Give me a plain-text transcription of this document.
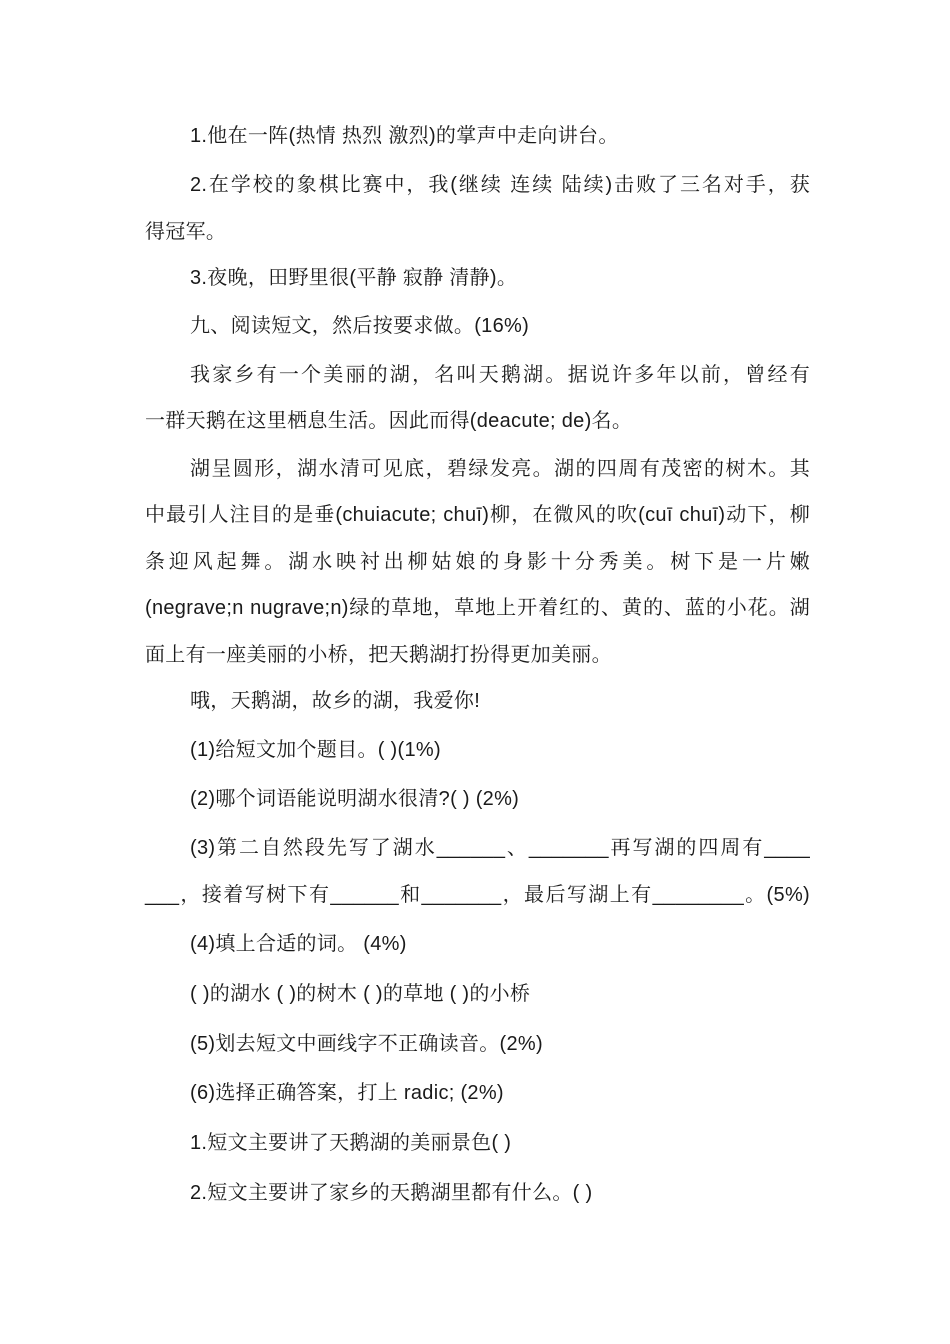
1.他在一阵(热情 热烈 激烈)的掌声中走向讲台。
2.在学校的象棋比赛中，我(继续 连续 陆续)击败了三名对手，获
得冠军。
3.夜晚，田野里很(平静 寂静 清静)。
九、阅读短文，然后按要求做。(16%)
我家乡有一个美丽的湖，名叫天鹅湖。据说许多年以前，曾经有
一群天鹅在这里栖息生活。因此而得(deacute; de)名。
湖呈圆形，湖水清可见底，碧绿发亮。湖的四周有茂密的树木。其
中最引人注目的是垂(chuiacute; chuī)柳，在微风的吹(cuī chuī)动下，柳
条迎风起舞。湖水映衬出柳姑娘的身影十分秀美。树下是一片嫩
(negrave;n nugrave;n)绿的草地，草地上开着红的、黄的、蓝的小花。湖
面上有一座美丽的小桥，把天鹅湖打扮得更加美丽。
哦，天鹅湖，故乡的湖，我爱你!
(1)给短文加个题目。( )(1%)
(2)哪个词语能说明湖水很清?( ) (2%)
(3)第二自然段先写了湖水______、_______再写湖的四周有____
___，接着写树下有______和_______，最后写湖上有________。(5%)
(4)填上合适的词。 (4%)
( )的湖水 ( )的树木 ( )的草地 ( )的小桥
(5)划去短文中画线字不正确读音。(2%)
(6)选择正确答案，打上 radic; (2%)
1.短文主要讲了天鹅湖的美丽景色( )
2.短文主要讲了家乡的天鹅湖里都有什么。( )
